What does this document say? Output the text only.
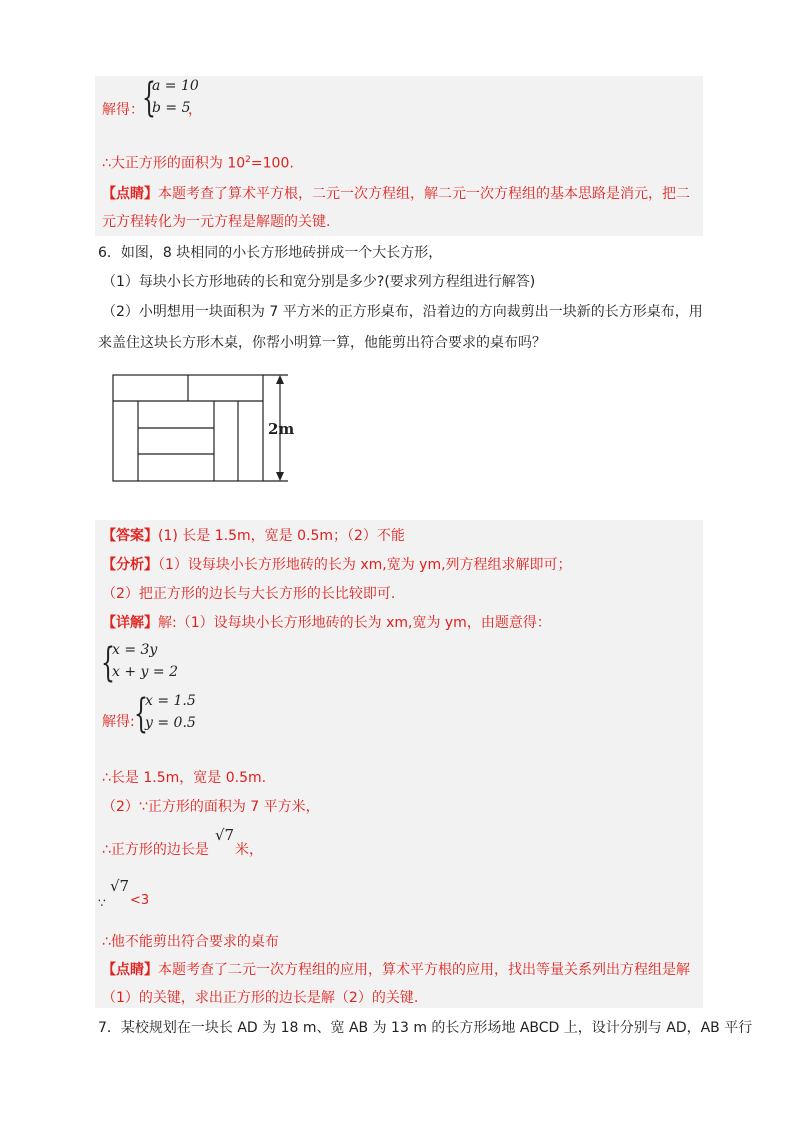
{
a = 10
b = 5
解得：	，
∴大正方形的面积为 $10^2=100$.
【点睛】本题考查了算术平方根，二元一次方程组，解二元一次方程组的基本思路是消元，把二
元方程转化为一元方程是解题的关键.
6．如图，8 块相同的小长方形地砖拼成一个大长方形，
（1）每块小长方形地砖的长和宽分别是多少?(要求列方程组进行解答)
（2）小明想用一块面积为 7 平方米的正方形桌布，沿着边的方向裁剪出一块新的长方形桌布，用
来盖住这块长方形木桌，你帮小明算一算，他能剪出符合要求的桌布吗？
2m
【答案】(1) 长是 1.5m，宽是 0.5m；（2）不能
【分析】（1）设每块小长方形地砖的长为 xm,宽为 ym,列方程组求解即可；
（2）把正方形的边长与大长方形的长比较即可.
【详解】解:（1）设每块小长方形地砖的长为 xm,宽为 ym，由题意得：
{
x = 3y
x + y = 2
{
x = 1.5
y = 0.5
解得:
∴长是 1.5m，宽是 0.5m.
（2）∵正方形的面积为 7 平方米，
∴正方形的边长是
√7
米，
∵
√7
<3
∴他不能剪出符合要求的桌布
【点睛】本题考查了二元一次方程组的应用，算术平方根的应用，找出等量关系列出方程组是解
（1）的关键，求出正方形的边长是解（2）的关键.
7．某校规划在一块长 AD 为 18 m、宽 AB 为 13 m 的长方形场地 ABCD 上，设计分别与 AD，AB 平行
